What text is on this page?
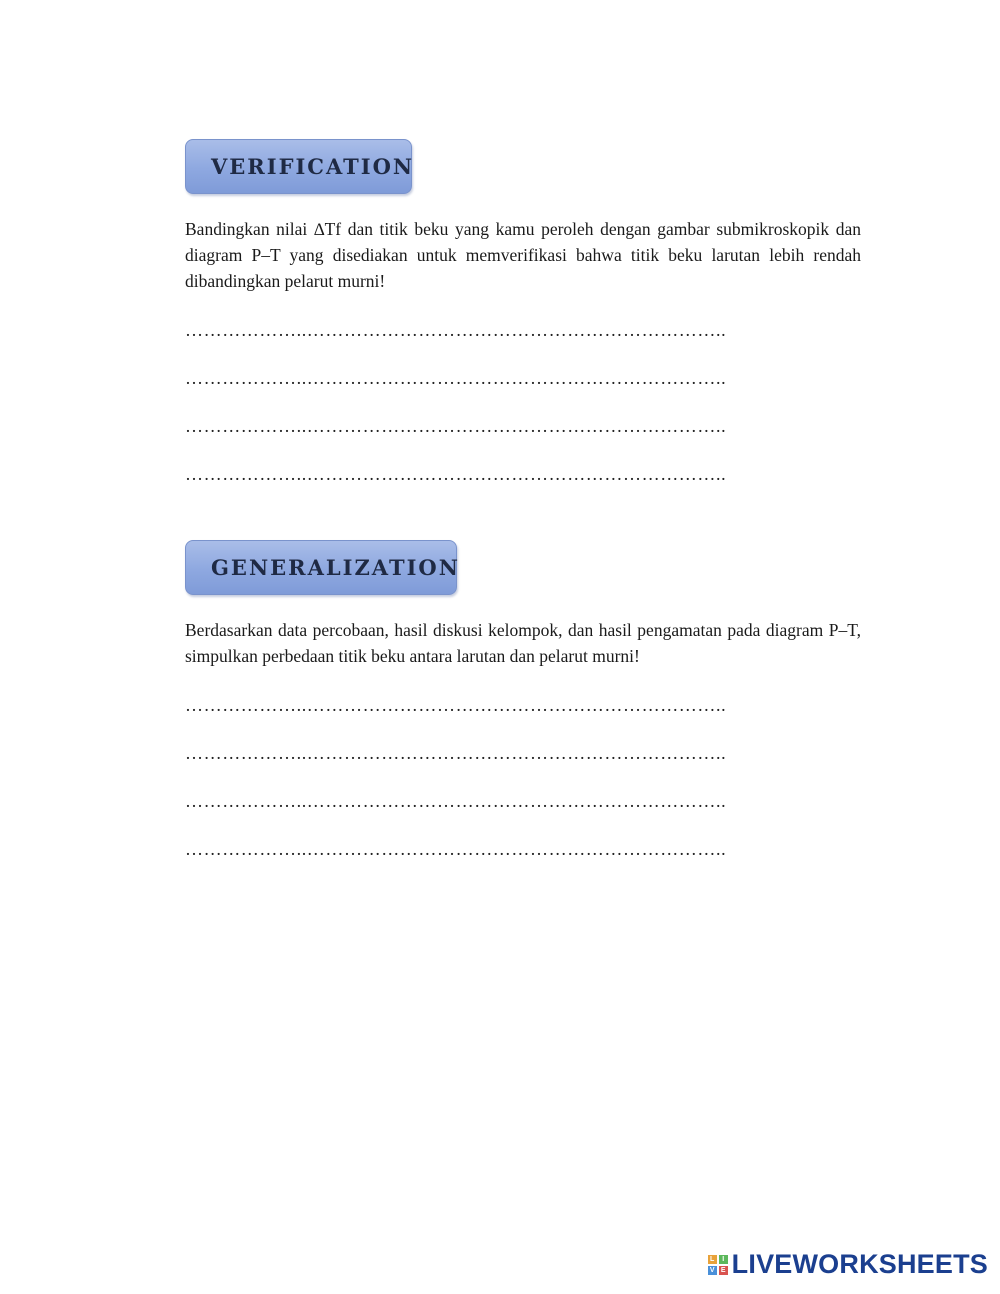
VERIFICATION

Bandingkan nilai ∆Tf dan titik beku yang kamu peroleh dengan gambar submikroskopik dan diagram P–T yang disediakan untuk memverifikasi bahwa titik beku larutan lebih rendah dibandingkan pelarut murni!

………………..…………………………………………………………..
………………..…………………………………………………………..
………………..…………………………………………………………..
………………..…………………………………………………………..
GENERALIZATION

Berdasarkan data percobaan, hasil diskusi kelompok, dan hasil pengamatan pada diagram P–T, simpulkan perbedaan titik beku antara larutan dan pelarut murni!

………………..…………………………………………………………..
………………..…………………………………………………………..
………………..…………………………………………………………..
………………..…………………………………………………………..
L	I
V E LIVEWORKSHEETS
